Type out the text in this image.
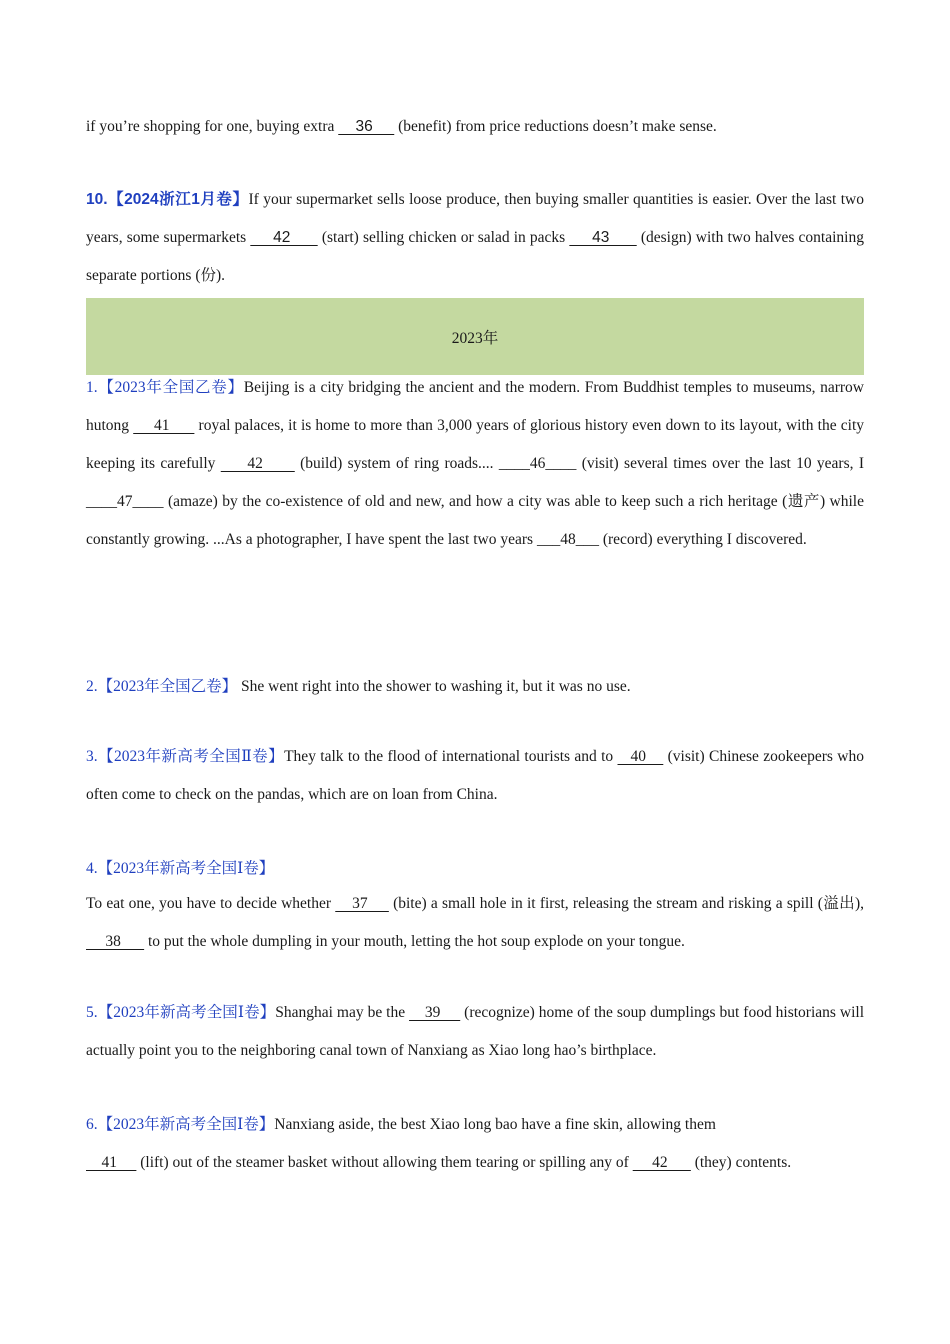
if you’re shopping for one, buying extra     36      (benefit) from price reductions doesn’t make sense.

10.【2024浙江1月卷】If your supermarket sells loose produce, then buying smaller quantities is easier. Over the last two years, some supermarkets      42       (start) selling chicken or salad in packs      43       (design) with two halves containing separate portions (份).

2023年

1.【2023年全国乙卷】Beijing is a city bridging the ancient and the modern. From Buddhist temples to museums, narrow hutong      41       royal palaces, it is home to more than 3,000 years of glorious history even down to its layout, with the city keeping its carefully      42       (build) system of ring roads.... ____46____ (visit) several times over the last 10 years, I ____47____ (amaze) by the co-existence of old and new, and how a city was able to keep such a rich heritage (遗产) while constantly growing. ...As a photographer, I have spent the last two years ___48___ (record) everything I discovered.

2.【2023年全国乙卷】 She went right into the shower to washing it, but it was no use.

3.【2023年新高考全国Ⅱ卷】They talk to the flood of international tourists and to    40     (visit) Chinese zookeepers who often come to check on the pandas, which are on loan from China.

4.【2023年新高考全国Ⅰ卷】

To eat one, you have to decide whether     37      (bite) a small hole in it first, releasing the stream and risking a spill (溢出),      38       to put the whole dumpling in your mouth, letting the hot soup explode on your tongue.

5.【2023年新高考全国Ⅰ卷】Shanghai may be the     39      (recognize) home of the soup dumplings but food historians will actually point you to the neighboring canal town of Nanxiang as Xiao long hao’s birthplace.

6.【2023年新高考全国Ⅰ卷】Nanxiang aside, the best Xiao long bao have a fine skin, allowing them

41      (lift) out of the steamer basket without allowing them tearing or spilling any of      42       (they) contents.
